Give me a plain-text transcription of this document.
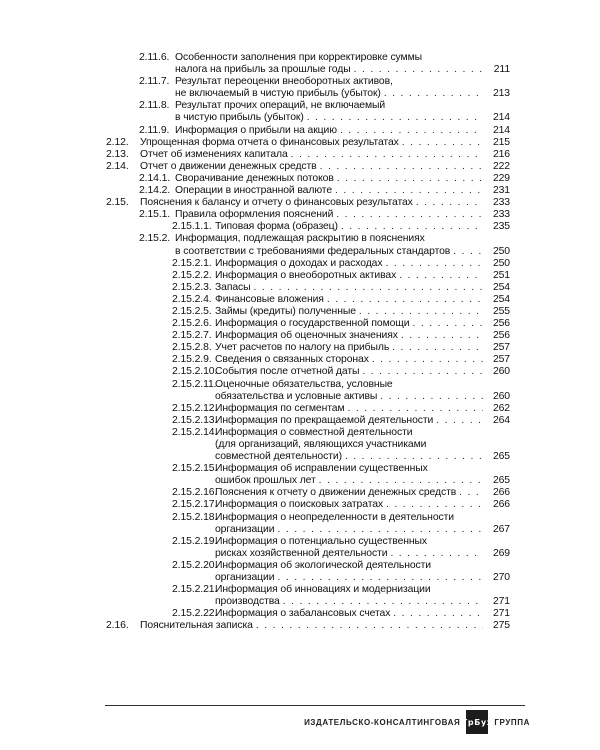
2.11.6. Особенности заполнения при корректировке суммы
налога на прибыль за прошлые годы . . .	211
2.11.7. Результат переоценки внеоборотных активов,
не включаемый в чистую прибыль (убыток) . . .	213
2.11.8. Результат прочих операций, не включаемый
в чистую прибыль (убыток) . . .	214
2.11.9. Информация о прибыли на акцию . . .	214
2.12.	Упрощенная форма отчета о финансовых результатах . . .	215
2.13.	Отчет об изменениях капитала . . .	216
2.14.	Отчет о движении денежных средств . . .	222
2.14.1. Сворачивание денежных потоков . . .	229
2.14.2. Операции в иностранной валюте . . .	231
2.15.	Пояснения к балансу и отчету о финансовых результатах . . .	233
2.15.1. Правила оформления пояснений . . .	233
2.15.1.1. Типовая форма (образец) . . .	235
2.15.2. Информация, подлежащая раскрытию в пояснениях
в соответствии с требованиями федеральных стандартов . . .	250
2.15.2.1. Информация о доходах и расходах . . .	250
2.15.2.2. Информация о внеоборотных активах . . .	251
2.15.2.3. Запасы . . .	254
2.15.2.4. Финансовые вложения . . .	254
2.15.2.5. Займы (кредиты) полученные . . .	255
2.15.2.6. Информация о государственной помощи . . .	256
2.15.2.7. Информация об оценочных значениях . . .	256
2.15.2.8. Учет расчетов по налогу на прибыль . . .	257
2.15.2.9. Сведения о связанных сторонах . . .	257
2.15.2.10.
События после отчетной даты . . .	260
2.15.2.11.
Оценочные обязательства, условные
обязательства и условные активы . . .	260
2.15.2.12.
Информация по сегментам . . .	262
2.15.2.13.
Информация по прекращаемой деятельности . . .	264
2.15.2.14.
Информация о совместной деятельности
(для организаций, являющихся участниками
совместной деятельности) . . .	265
2.15.2.15.
Информация об исправлении существенных
ошибок прошлых лет . . .	265
2.15.2.16.
Пояснения к отчету о движении денежных средств . . .	266
2.15.2.17.
Информация о поисковых затратах . . .	266
2.15.2.18.
Информация о неопределенности в деятельности
организации . . .	267
2.15.2.19.
Информация о потенциально существенных
рисках хозяйственной деятельности . . .	269
2.15.2.20.
Информация об экологической деятельности
организации . . .	270
2.15.2.21.
Информация об инновациях и модернизации
производства . . .	271
2.15.2.22.
Информация о забалансовых счетах . . .	271
2.16.	Пояснительная записка . . .	275
ИЗДАТЕЛЬСКО-КОНСАЛТИНГОВАЯ ГрБух ГРУППА
